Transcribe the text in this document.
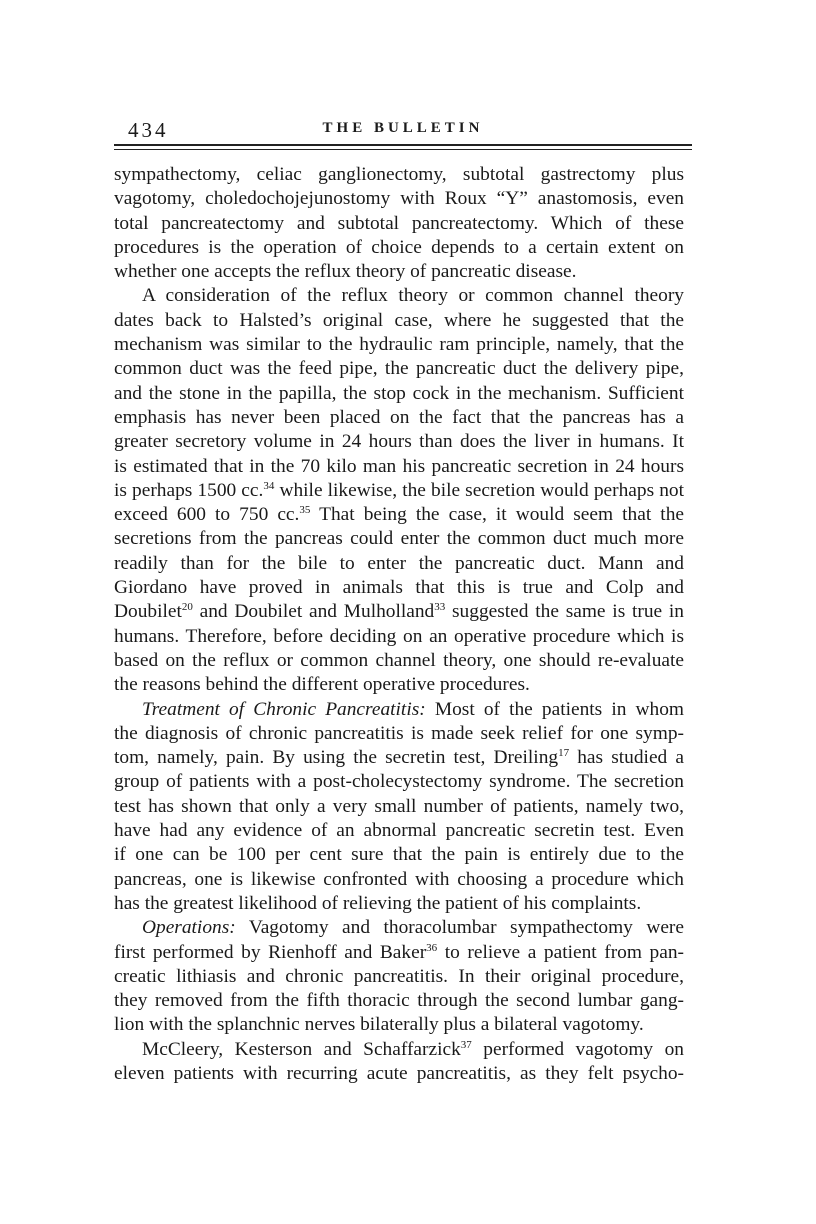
434	THE BULLETIN
sympathectomy, celiac ganglionectomy, subtotal gastrectomy plus
vagotomy, choledochojejunostomy with Roux “Y” anastomosis, even
total pancreatectomy and subtotal pancreatectomy. Which of these
procedures is the operation of choice depends to a certain extent on
whether one accepts the reflux theory of pancreatic disease.
A consideration of the reflux theory or common channel theory
dates back to Halsted’s original case, where he suggested that the
mechanism was similar to the hydraulic ram principle, namely, that the
common duct was the feed pipe, the pancreatic duct the delivery pipe,
and the stone in the papilla, the stop cock in the mechanism. Sufficient
emphasis has never been placed on the fact that the pancreas has a
greater secretory volume in 24 hours than does the liver in humans. It
is estimated that in the 70 kilo man his pancreatic secretion in 24 hours
is perhaps 1500 cc.$^{34}$ while likewise, the bile secretion would perhaps not
exceed 600 to 750 cc.$^{35}$ That being the case, it would seem that the
secretions from the pancreas could enter the common duct much more
readily than for the bile to enter the pancreatic duct. Mann and
Giordano have proved in animals that this is true and Colp and
Doubilet$^{20}$ and Doubilet and Mulholland$^{33}$ suggested the same is true in
humans. Therefore, before deciding on an operative procedure which is
based on the reflux or common channel theory, one should re-evaluate
the reasons behind the different operative procedures.
Treatment of Chronic Pancreatitis: Most of the patients in whom
the diagnosis of chronic pancreatitis is made seek relief for one symp-
tom, namely, pain. By using the secretin test, Dreiling$^{17}$ has studied a
group of patients with a post-cholecystectomy syndrome. The secretion
test has shown that only a very small number of patients, namely two,
have had any evidence of an abnormal pancreatic secretin test. Even
if one can be 100 per cent sure that the pain is entirely due to the
pancreas, one is likewise confronted with choosing a procedure which
has the greatest likelihood of relieving the patient of his complaints.
Operations: Vagotomy and thoracolumbar sympathectomy were
first performed by Rienhoff and Baker$^{36}$ to relieve a patient from pan-
creatic lithiasis and chronic pancreatitis. In their original procedure,
they removed from the fifth thoracic through the second lumbar gang-
lion with the splanchnic nerves bilaterally plus a bilateral vagotomy.
McCleery, Kesterson and Schaffarzick$^{37}$ performed vagotomy on
eleven patients with recurring acute pancreatitis, as they felt psycho-
